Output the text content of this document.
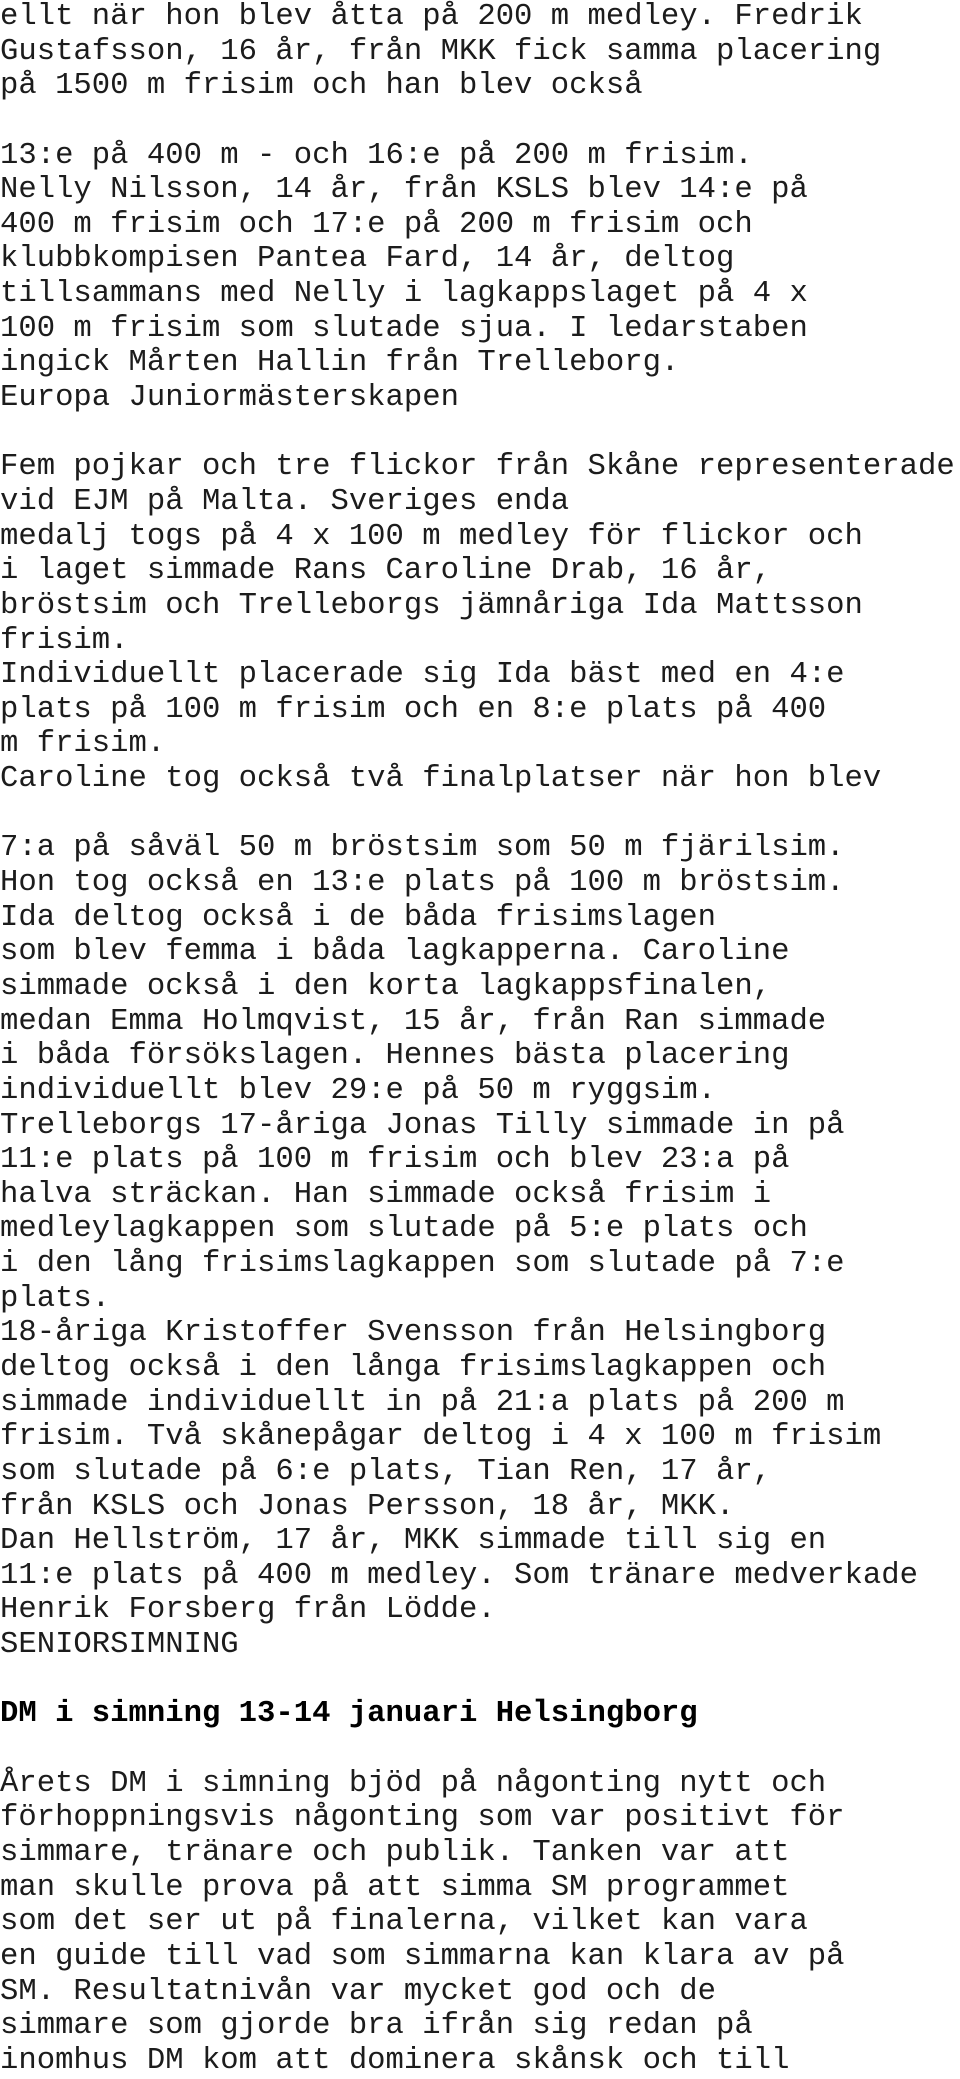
ellt när hon blev åtta på 200 m medley. Fredrik
Gustafsson, 16 år, från MKK fick samma placering
på 1500 m frisim och han blev också
13:e på 400 m - och 16:e på 200 m frisim.
Nelly Nilsson, 14 år, från KSLS blev 14:e på
400 m frisim och 17:e på 200 m frisim och
klubbkompisen Pantea Fard, 14 år, deltog
tillsammans med Nelly i lagkappslaget på 4 x
100 m frisim som slutade sjua. I ledarstaben
ingick Mårten Hallin från Trelleborg.
Europa Juniormästerskapen
Fem pojkar och tre flickor från Skåne representerade
vid EJM på Malta. Sveriges enda
medalj togs på 4 x 100 m medley för flickor och
i laget simmade Rans Caroline Drab, 16 år,
bröstsim och Trelleborgs jämnåriga Ida Mattsson
frisim.
Individuellt placerade sig Ida bäst med en 4:e
plats på 100 m frisim och en 8:e plats på 400
m frisim.
Caroline tog också två finalplatser när hon blev
7:a på såväl 50 m bröstsim som 50 m fjärilsim.
Hon tog också en 13:e plats på 100 m bröstsim.
Ida deltog också i de båda frisimslagen
som blev femma i båda lagkapperna. Caroline
simmade också i den korta lagkappsfinalen,
medan Emma Holmqvist, 15 år, från Ran simmade
i båda försökslagen. Hennes bästa placering
individuellt blev 29:e på 50 m ryggsim.
Trelleborgs 17-åriga Jonas Tilly simmade in på
11:e plats på 100 m frisim och blev 23:a på
halva sträckan. Han simmade också frisim i
medleylagkappen som slutade på 5:e plats och
i den lång frisimslagkappen som slutade på 7:e
plats.
18-åriga Kristoffer Svensson från Helsingborg
deltog också i den långa frisimslagkappen och
simmade individuellt in på 21:a plats på 200 m
frisim. Två skånepågar deltog i 4 x 100 m frisim
som slutade på 6:e plats, Tian Ren, 17 år,
från KSLS och Jonas Persson, 18 år, MKK.
Dan Hellström, 17 år, MKK simmade till sig en
11:e plats på 400 m medley. Som tränare medverkade
Henrik Forsberg från Lödde.
SENIORSIMNING
DM i simning 13-14 januari Helsingborg
Årets DM i simning bjöd på någonting nytt och
förhoppningsvis någonting som var positivt för
simmare, tränare och publik. Tanken var att
man skulle prova på att simma SM programmet
som det ser ut på finalerna, vilket kan vara
en guide till vad som simmarna kan klara av på
SM. Resultatnivån var mycket god och de
simmare som gjorde bra ifrån sig redan på
inomhus DM kom att dominera skånsk och till
